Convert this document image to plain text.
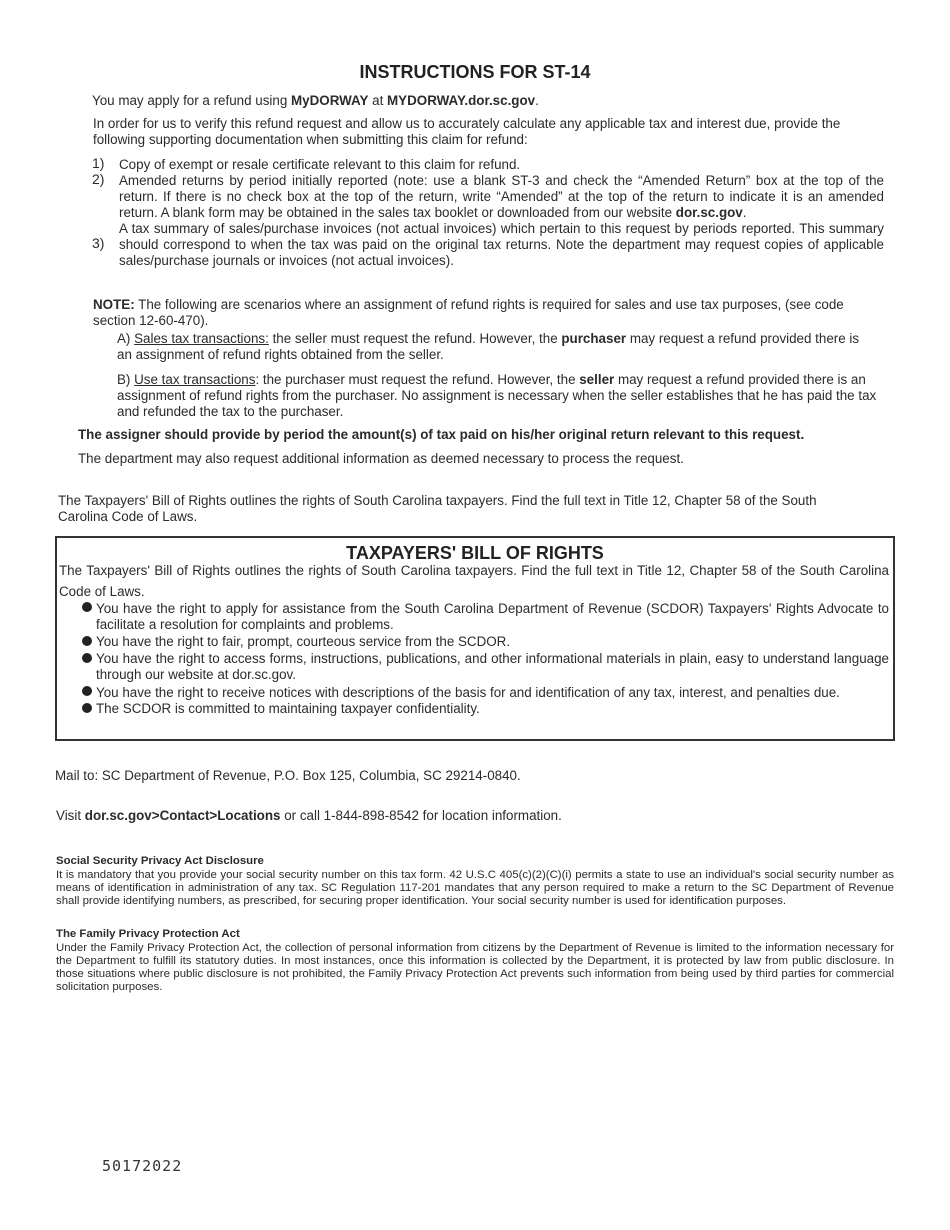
INSTRUCTIONS FOR ST-14
You may apply for a refund using MyDORWAY at MYDORWAY.dor.sc.gov.
In order for us to verify this refund request and allow us to accurately calculate any applicable tax and interest due, provide the following supporting documentation when submitting this claim for refund:
1) Copy of exempt or resale certificate relevant to this claim for refund.
2) Amended returns by period initially reported (note: use a blank ST-3 and check the “Amended Return” box at the top of the return. If there is no check box at the top of the return, write “Amended” at the top of the return to indicate it is an amended return. A blank form may be obtained in the sales tax booklet or downloaded from our website dor.sc.gov.
3)
A tax summary of sales/purchase invoices (not actual invoices) which pertain to this request by periods reported. This summary should correspond to when the tax was paid on the original tax returns. Note the department may request copies of applicable sales/purchase journals or invoices (not actual invoices).
NOTE: The following are scenarios where an assignment of refund rights is required for sales and use tax purposes, (see code section 12-60-470).
A) Sales tax transactions: the seller must request the refund. However, the purchaser may request a refund provided there is an assignment of refund rights obtained from the seller.
B) Use tax transactions: the purchaser must request the refund. However, the seller may request a refund provided there is an assignment of refund rights from the purchaser. No assignment is necessary when the seller establishes that he has paid the tax and refunded the tax to the purchaser.
The assigner should provide by period the amount(s) of tax paid on his/her original return relevant to this request.
The department may also request additional information as deemed necessary to process the request.
The Taxpayers' Bill of Rights outlines the rights of South Carolina taxpayers. Find the full text in Title 12, Chapter 58 of the South Carolina Code of Laws.
TAXPAYERS' BILL OF RIGHTS
The Taxpayers' Bill of Rights outlines the rights of South Carolina taxpayers. Find the full text in Title 12, Chapter 58 of the South Carolina Code of Laws.
You have the right to apply for assistance from the South Carolina Department of Revenue (SCDOR) Taxpayers' Rights Advocate to facilitate a resolution for complaints and problems.
You have the right to fair, prompt, courteous service from the SCDOR.
You have the right to access forms, instructions, publications, and other informational materials in plain, easy to understand language through our website at dor.sc.gov.
You have the right to receive notices with descriptions of the basis for and identification of any tax, interest, and penalties due.
The SCDOR is committed to maintaining taxpayer confidentiality.
Mail to: SC Department of Revenue, P.O. Box 125, Columbia, SC 29214-0840.
Visit dor.sc.gov>Contact>Locations or call 1-844-898-8542 for location information.
Social Security Privacy Act Disclosure
It is mandatory that you provide your social security number on this tax form. 42 U.S.C 405(c)(2)(C)(i) permits a state to use an individual's social security number as means of identification in administration of any tax. SC Regulation 117-201 mandates that any person required to make a return to the SC Department of Revenue shall provide identifying numbers, as prescribed, for securing proper identification. Your social security number is used for identification purposes.
The Family Privacy Protection Act
Under the Family Privacy Protection Act, the collection of personal information from citizens by the Department of Revenue is limited to the information necessary for the Department to fulfill its statutory duties. In most instances, once this information is collected by the Department, it is protected by law from public disclosure. In those situations where public disclosure is not prohibited, the Family Privacy Protection Act prevents such information from being used by third parties for commercial solicitation purposes.
50172022
